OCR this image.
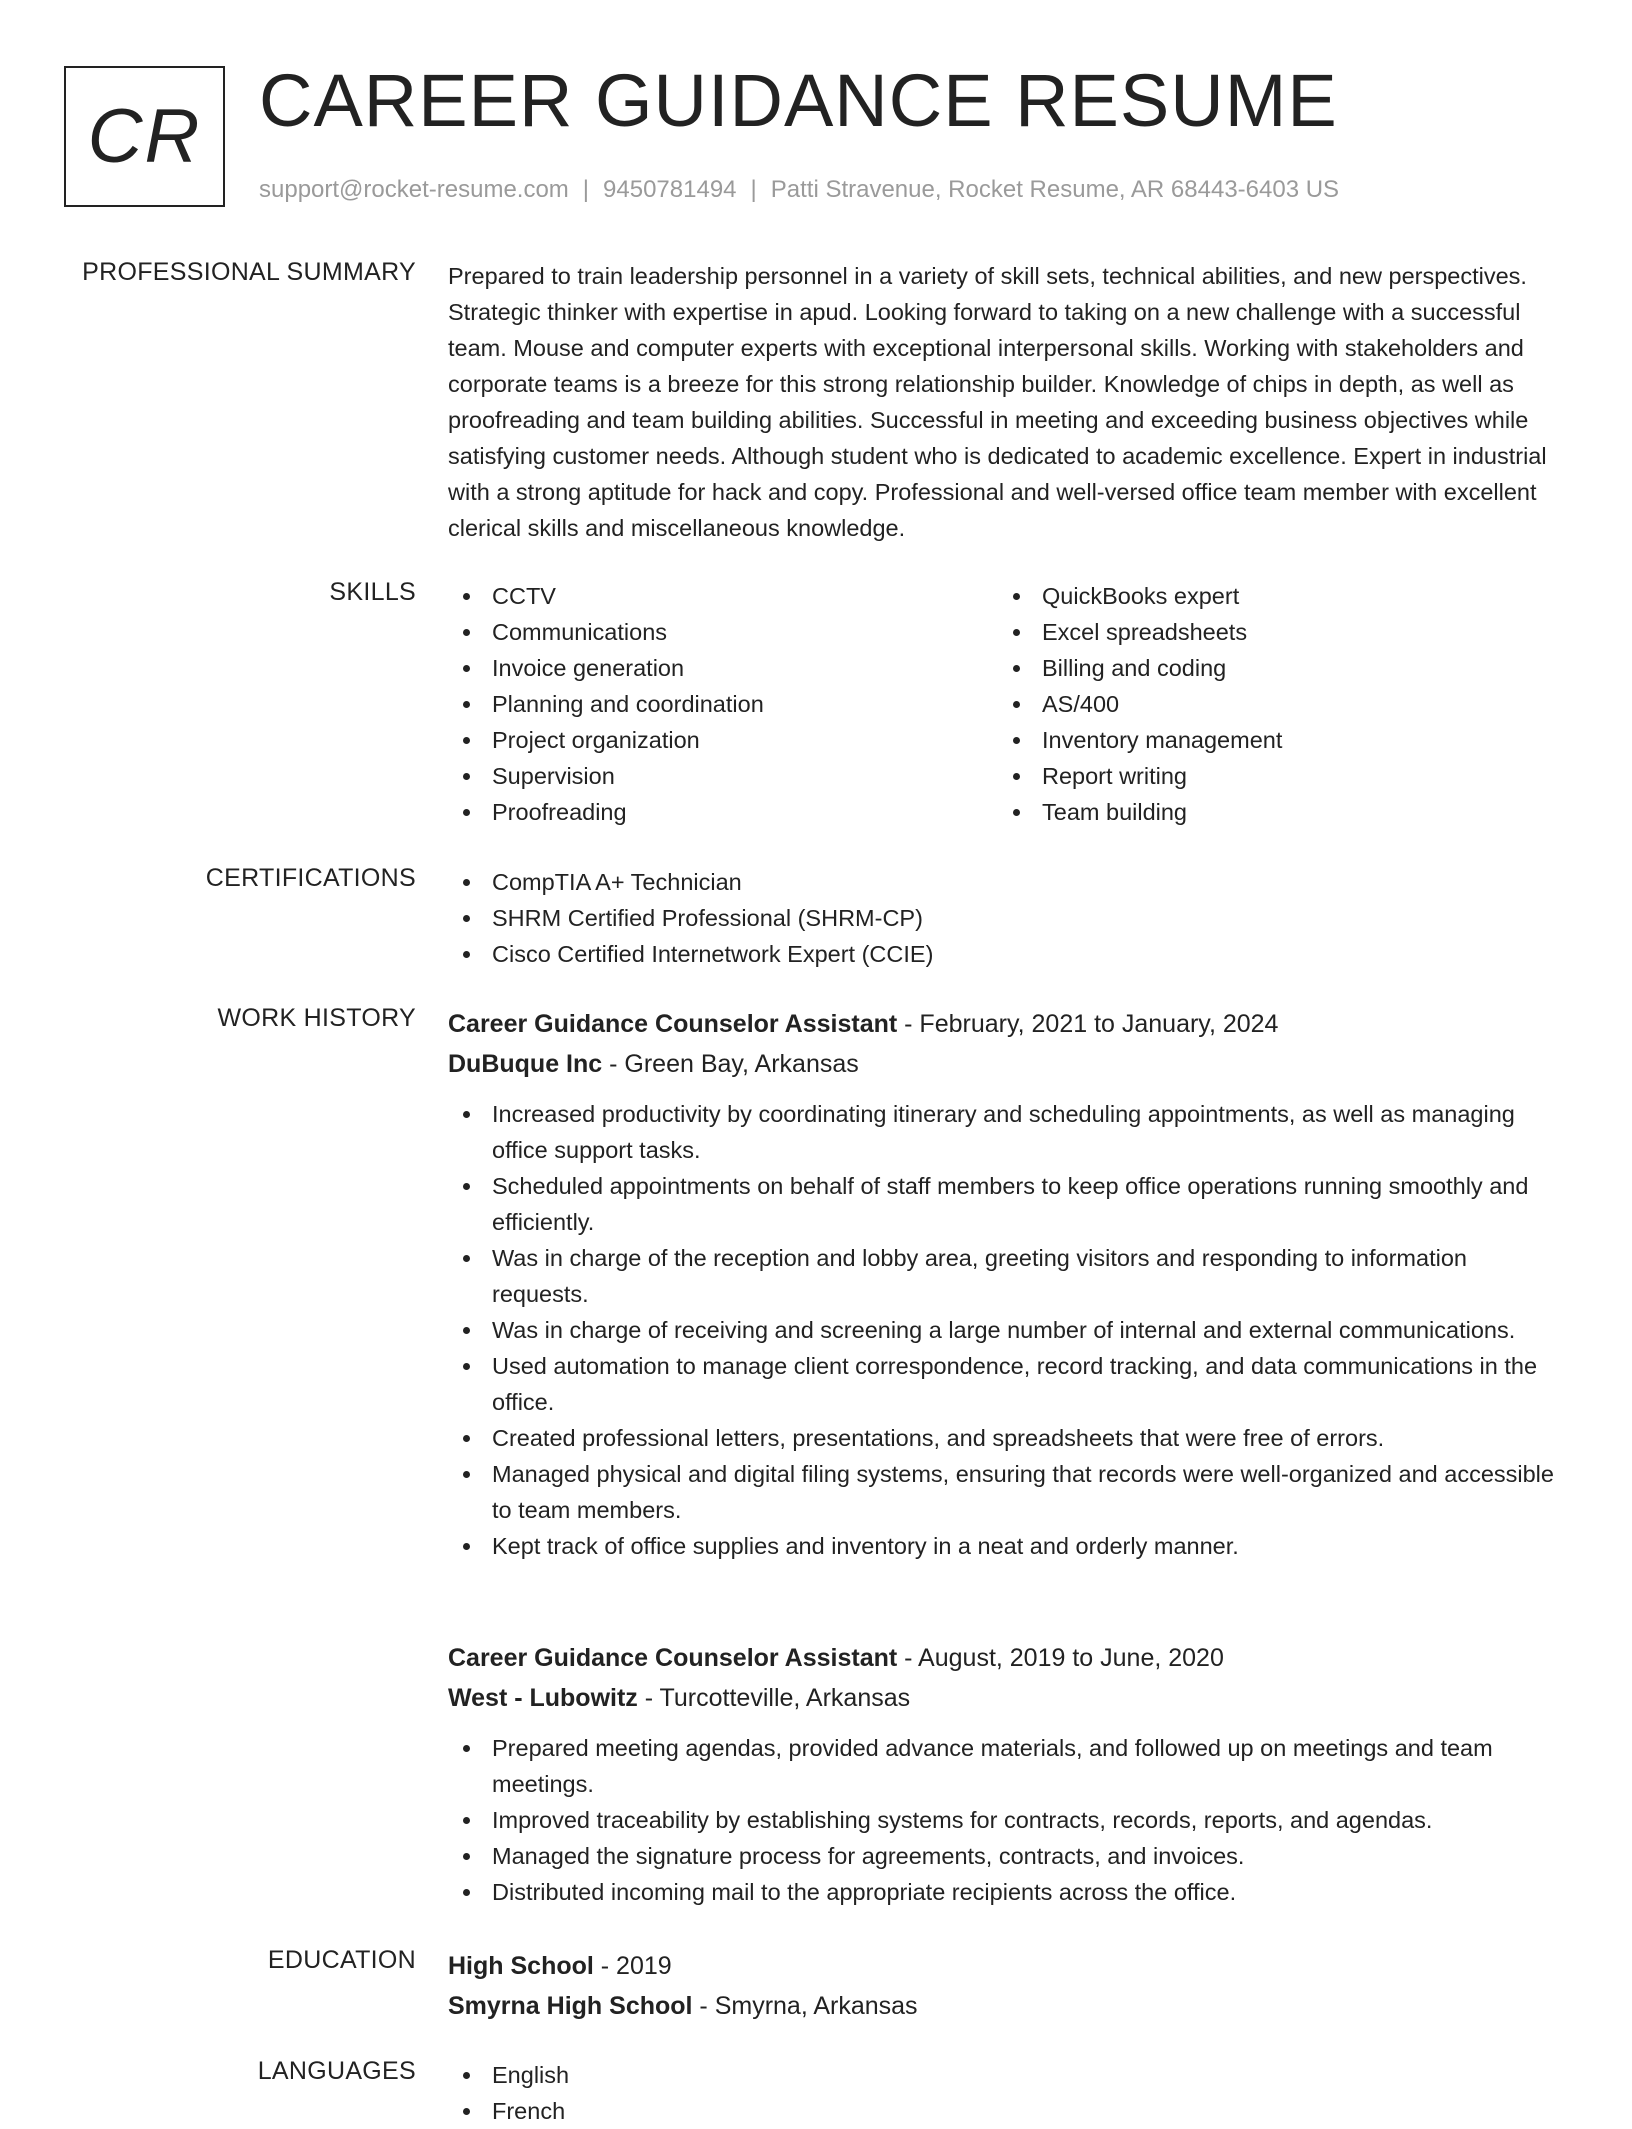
CR CAREER GUIDANCE RESUME
support@rocket-resume.com | 9450781494 | Patti Stravenue, Rocket Resume, AR 68443-6403 US
PROFESSIONAL SUMMARY Prepared to train leadership personnel in a variety of skill sets, technical abilities, and new perspectives. Strategic thinker with expertise in apud. Looking forward to taking on a new challenge with a successful team. Mouse and computer experts with exceptional interpersonal skills. Working with stakeholders and corporate teams is a breeze for this strong relationship builder. Knowledge of chips in depth, as well as proofreading and team building abilities. Successful in meeting and exceeding business objectives while satisfying customer needs. Although student who is dedicated to academic excellence. Expert in industrial with a strong aptitude for hack and copy. Professional and well-versed office team member with excellent clerical skills and miscellaneous knowledge.

SKILLS	CCTV
Communications
Invoice generation
Planning and coordination
Project organization
Supervision
Proofreading
QuickBooks expert
Excel spreadsheets
Billing and coding
AS/400
Inventory management
Report writing
Team building
CERTIFICATIONS	CompTIA A+ Technician
SHRM Certified Professional (SHRM-CP)
Cisco Certified Internetwork Expert (CCIE)
WORK HISTORY Career Guidance Counselor Assistant - February, 2021 to January, 2024
DuBuque Inc - Green Bay, Arkansas
Increased productivity by coordinating itinerary and scheduling appointments, as well as managing office support tasks.
Scheduled appointments on behalf of staff members to keep office operations running smoothly and efficiently.
Was in charge of the reception and lobby area, greeting visitors and responding to information requests.
Was in charge of receiving and screening a large number of internal and external communications.
Used automation to manage client correspondence, record tracking, and data communications in the office.
Created professional letters, presentations, and spreadsheets that were free of errors.
Managed physical and digital filing systems, ensuring that records were well-organized and accessible to team members.
Kept track of office supplies and inventory in a neat and orderly manner.
Career Guidance Counselor Assistant - August, 2019 to June, 2020
West - Lubowitz - Turcotteville, Arkansas
Prepared meeting agendas, provided advance materials, and followed up on meetings and team meetings.
Improved traceability by establishing systems for contracts, records, reports, and agendas.
Managed the signature process for agreements, contracts, and invoices.
Distributed incoming mail to the appropriate recipients across the office.
EDUCATION High School - 2019
Smyrna High School - Smyrna, Arkansas
LANGUAGES	English
French
